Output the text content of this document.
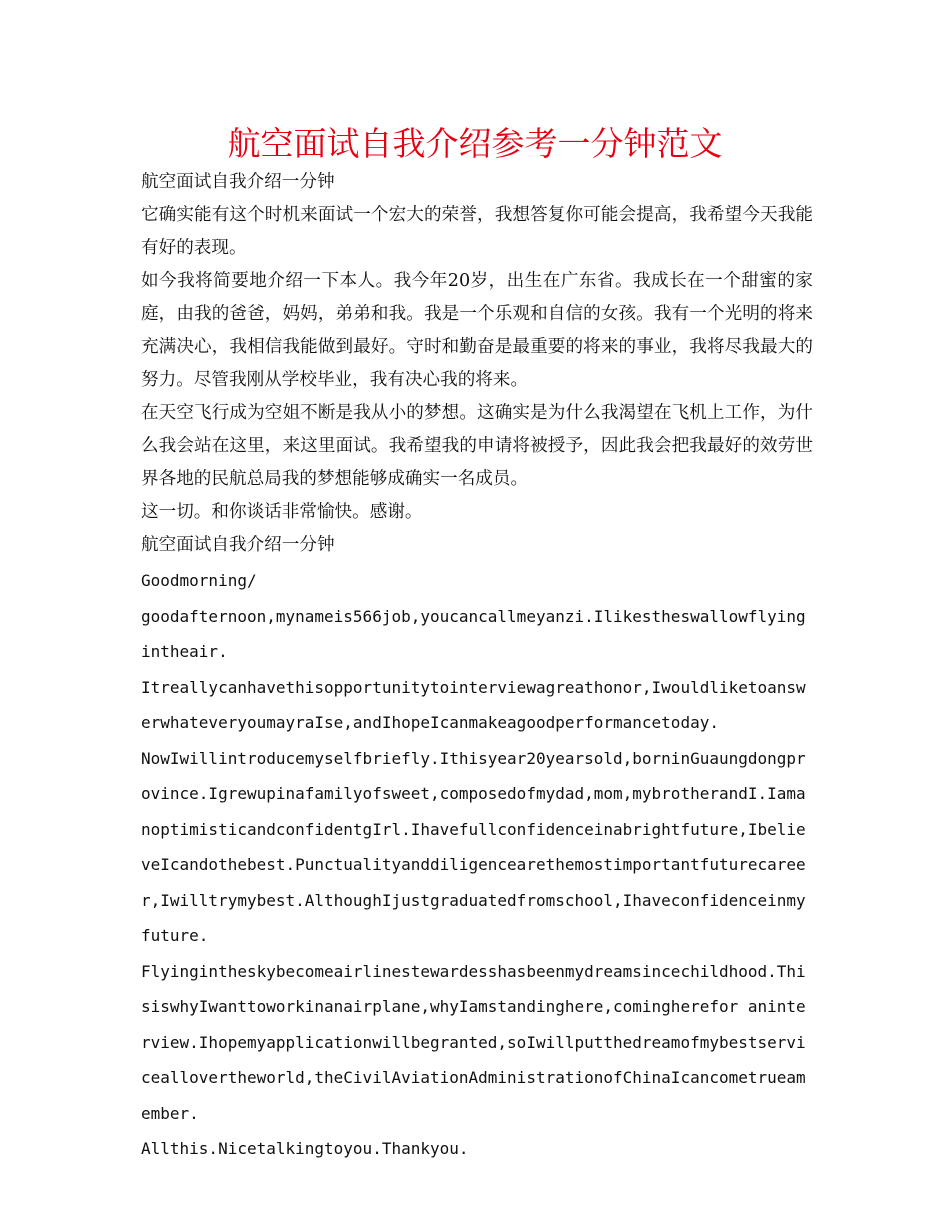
航空面试自我介绍参考一分钟范文

航空面试自我介绍一分钟

它确实能有这个时机来面试一个宏大的荣誉，我想答复你可能会提高，我希望今天我能有好的表现。

如今我将简要地介绍一下本人。我今年20岁，出生在广东省。我成长在一个甜蜜的家庭，由我的爸爸，妈妈，弟弟和我。我是一个乐观和自信的女孩。我有一个光明的将来充满决心，我相信我能做到最好。守时和勤奋是最重要的将来的事业，我将尽我最大的努力。尽管我刚从学校毕业，我有决心我的将来。

在天空飞行成为空姐不断是我从小的梦想。这确实是为什么我渴望在飞机上工作，为什么我会站在这里，来这里面试。我希望我的申请将被授予，因此我会把我最好的效劳世界各地的民航总局我的梦想能够成确实一名成员。

这一切。和你谈话非常愉快。感谢。

航空面试自我介绍一分钟

Goodmorning/

goodafternoon,mynameis566job,youcancallmeyanzi.Ilikestheswallowflyingintheair.

Itreallycanhavethisopportunitytointerviewagreathonor,IwouldliketoanswerwhateveryoumayraIse,andIhopeIcanmakeagoodperformancetoday.

NowIwillintroducemyselfbriefly.Ithisyear20yearsold,borninGuaungdongprovince.Igrewupinafamilyofsweet,composedofmydad,mom,mybrotherandI.IamanoptimisticandconfidentgIrl.Ihavefullconfidenceinabrightfuture,IbelieveIcandothebest.Punctualityanddiligencearethemostimportantfuturecareer,Iwilltrymybest.AlthoughIjustgraduatedfromschool,Ihaveconfidenceinmyfuture.

Flyingintheskybecomeairlinestewardesshasbeenmydreamsincechildhood.ThisiswhyIwanttoworkinanairplane,whyIamstandinghere,comingherefor aninterview.Ihopemyapplicationwillbegranted,soIwillputthedreamofmybestserviceallovertheworld,theCivilAviationAdministrationofChinaIcancometrueamember.

Allthis.Nicetalkingtoyou.Thankyou.
